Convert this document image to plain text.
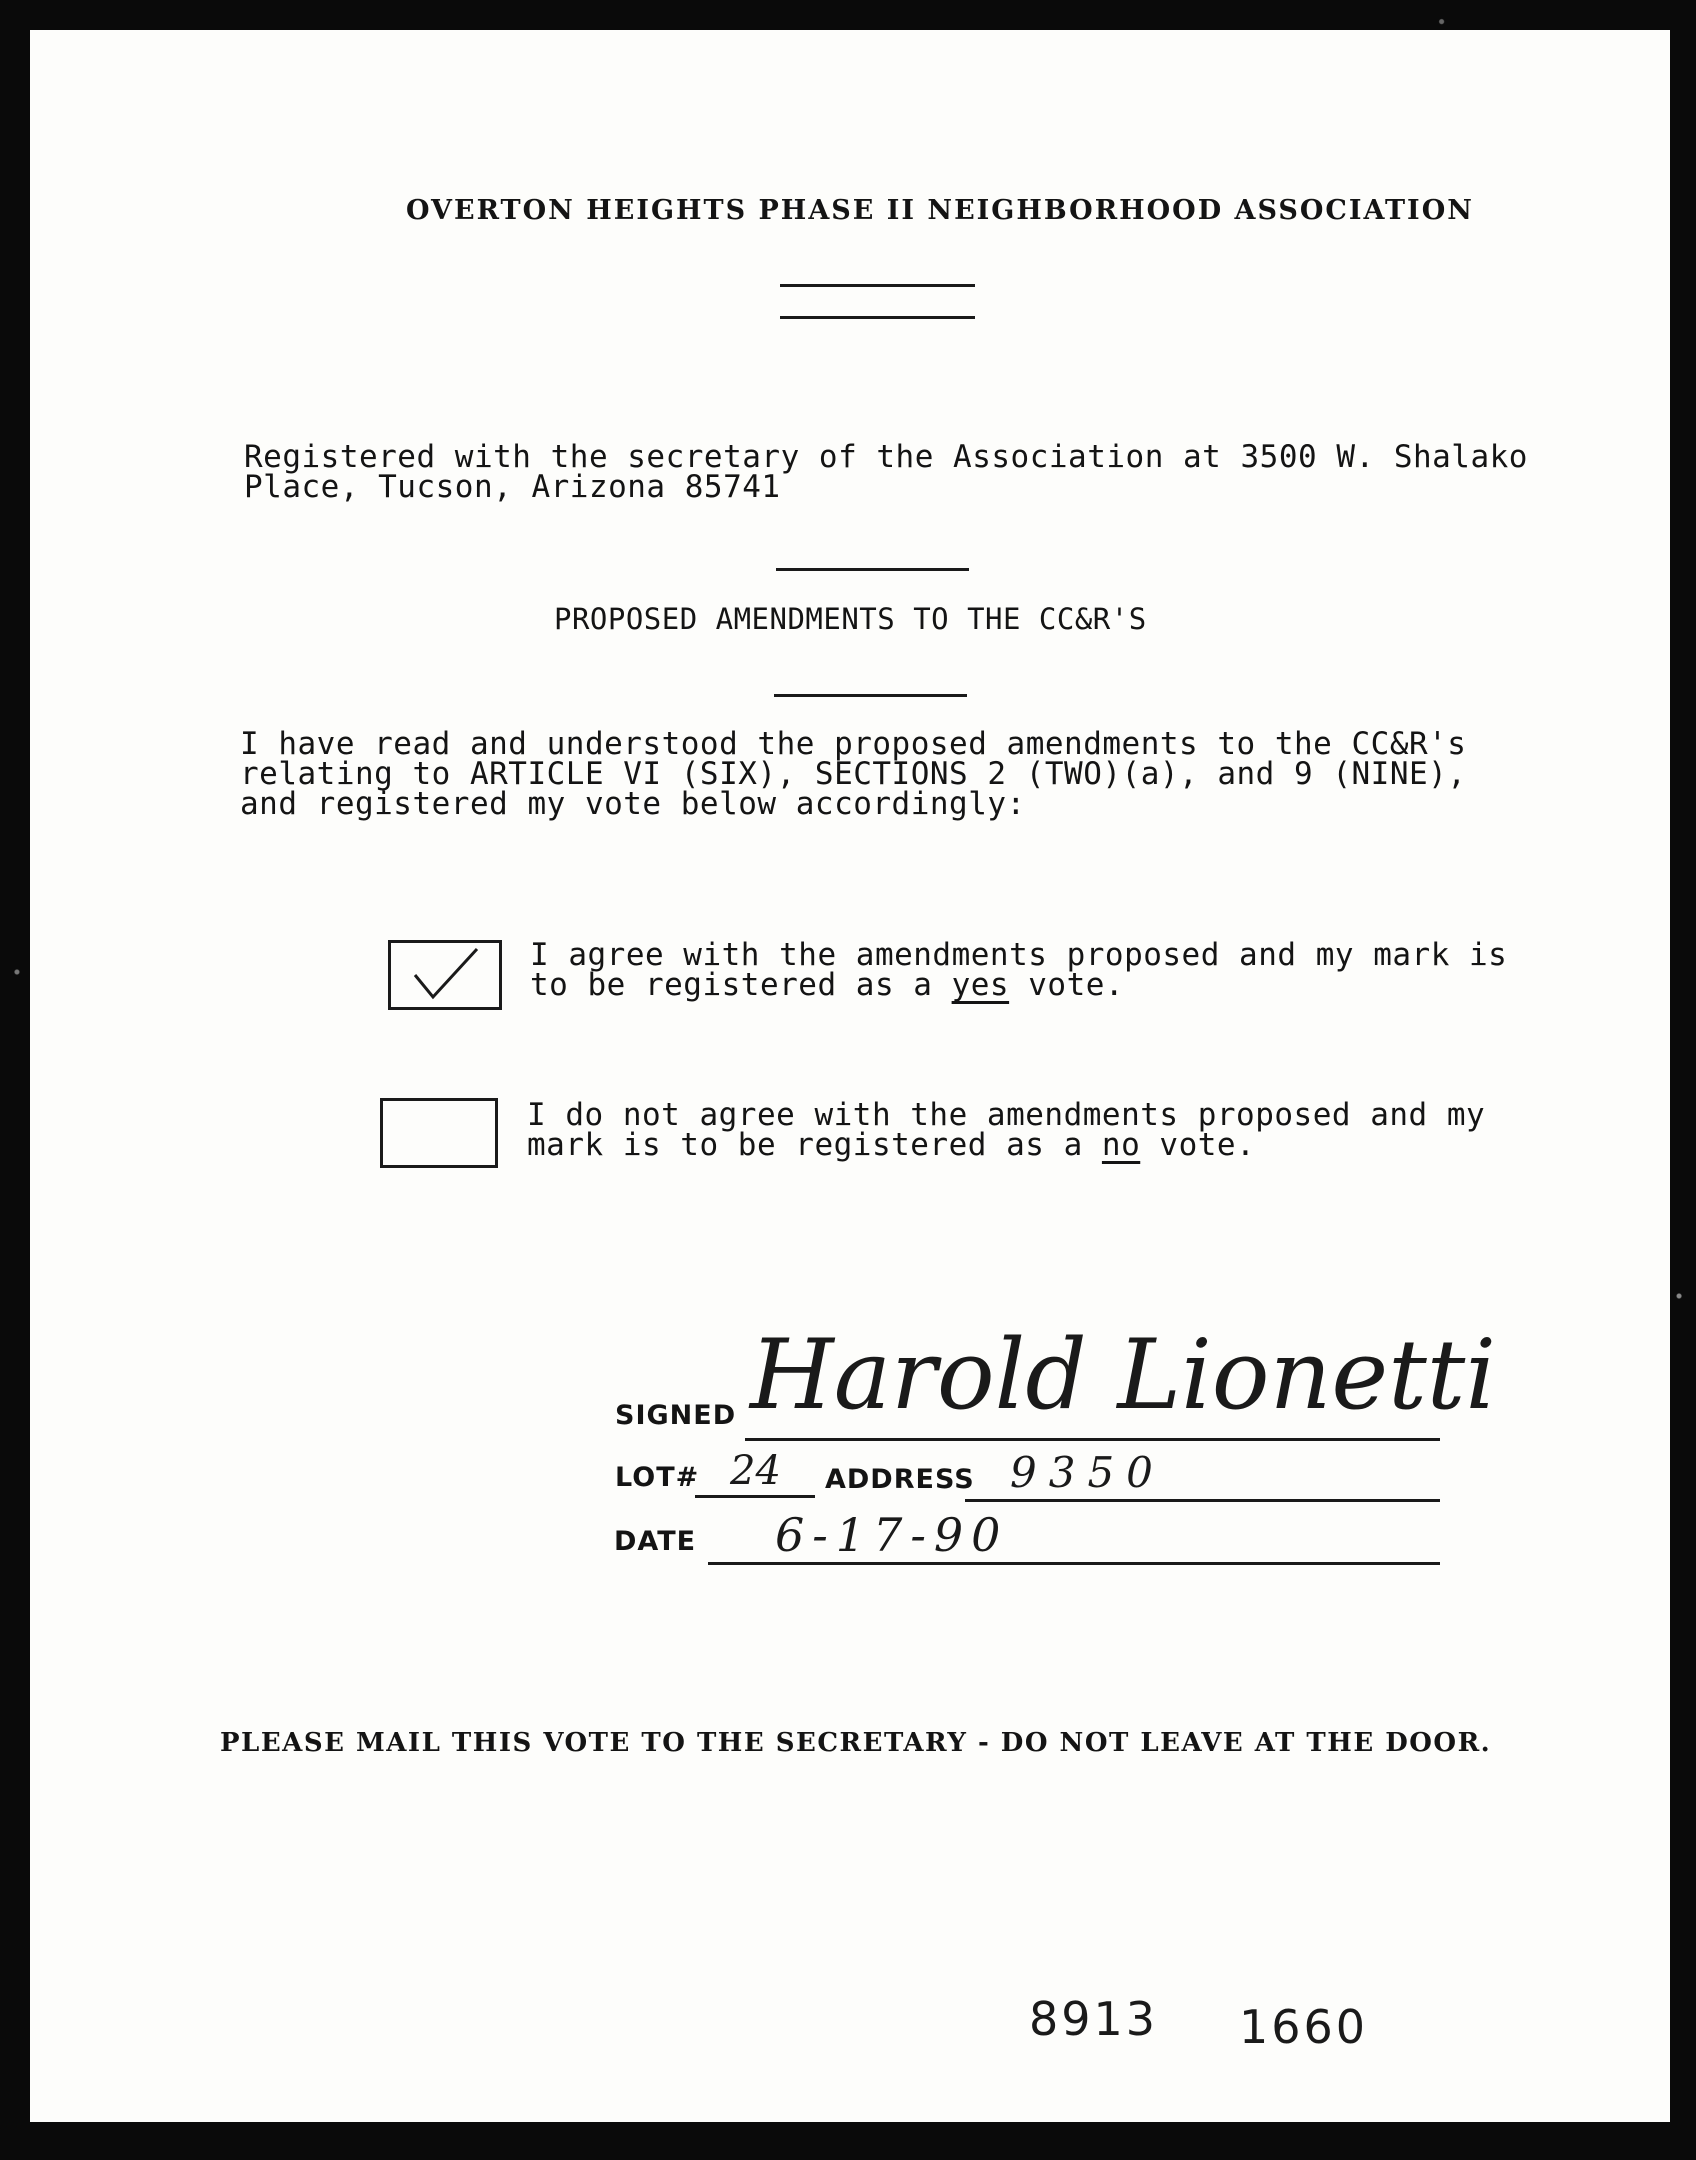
OVERTON HEIGHTS PHASE II NEIGHBORHOOD ASSOCIATION
Registered with the secretary of the Association at 3500 W. Shalako
Place, Tucson, Arizona 85741
PROPOSED AMENDMENTS TO THE CC&R'S
I have read and understood the proposed amendments to the CC&R's
relating to ARTICLE VI (SIX), SECTIONS 2 (TWO)(a), and 9 (NINE),
and registered my vote below accordingly:
I agree with the amendments proposed and my mark is
to be registered as a yes vote.
I do not agree with the amendments proposed and my
mark is to be registered as a no vote.
SIGNED Harold Lionetti
LOT# 24 ADDRESS 9350
DATE 6-17-90
PLEASE MAIL THIS VOTE TO THE SECRETARY - DO NOT LEAVE AT THE DOOR.
8913 1660
